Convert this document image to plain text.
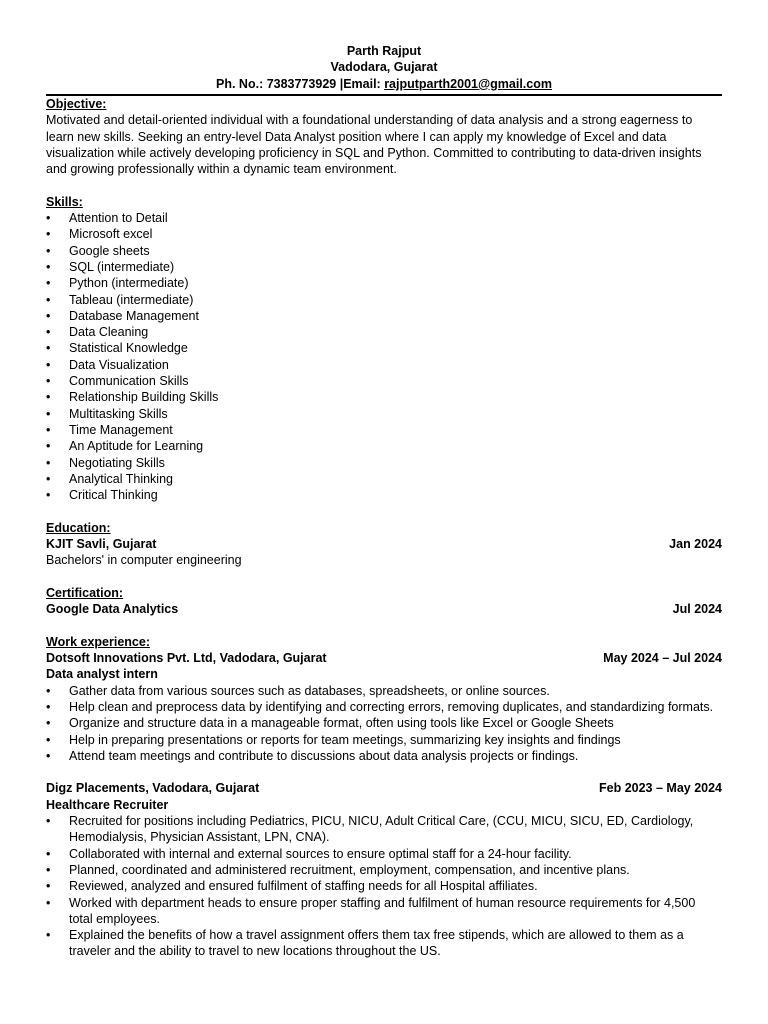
Parth Rajput
Vadodara, Gujarat
Ph. No.: 7383773929 |Email: rajputparth2001@gmail.com
Objective:
Motivated and detail-oriented individual with a foundational understanding of data analysis and a strong eagerness to learn new skills. Seeking an entry-level Data Analyst position where I can apply my knowledge of Excel and data visualization while actively developing proficiency in SQL and Python. Committed to contributing to data-driven insights and growing professionally within a dynamic team environment.
Skills:
•	Attention to Detail
•	Microsoft excel
•	Google sheets
•	SQL (intermediate)
•	Python (intermediate)
•	Tableau (intermediate)
•	Database Management
•	Data Cleaning
•	Statistical Knowledge
•	Data Visualization
•	Communication Skills
•	Relationship Building Skills
•	Multitasking Skills
•	Time Management
•	An Aptitude for Learning
•	Negotiating Skills
•	Analytical Thinking
•	Critical Thinking
Education:
KJIT Savli, Gujarat	Jan 2024
Bachelors' in computer engineering
Certification:
Google Data Analytics	Jul 2024
Work experience:
Dotsoft Innovations Pvt. Ltd, Vadodara, Gujarat	May 2024 – Jul 2024
Data analyst intern
•	Gather data from various sources such as databases, spreadsheets, or online sources.
•	Help clean and preprocess data by identifying and correcting errors, removing duplicates, and standardizing formats.
•	Organize and structure data in a manageable format, often using tools like Excel or Google Sheets
•	Help in preparing presentations or reports for team meetings, summarizing key insights and findings
•	Attend team meetings and contribute to discussions about data analysis projects or findings.
Digz Placements, Vadodara, Gujarat	Feb 2023 – May 2024
Healthcare Recruiter
•	Recruited for positions including Pediatrics, PICU, NICU, Adult Critical Care, (CCU, MICU, SICU, ED, Cardiology, Hemodialysis, Physician Assistant, LPN, CNA).
•	Collaborated with internal and external sources to ensure optimal staff for a 24-hour facility.
•	Planned, coordinated and administered recruitment, employment, compensation, and incentive plans.
•	Reviewed, analyzed and ensured fulfilment of staffing needs for all Hospital affiliates.
•	Worked with department heads to ensure proper staffing and fulfilment of human resource requirements for 4,500 total employees.
•	Explained the benefits of how a travel assignment offers them tax free stipends, which are allowed to them as a traveler and the ability to travel to new locations throughout the US.
